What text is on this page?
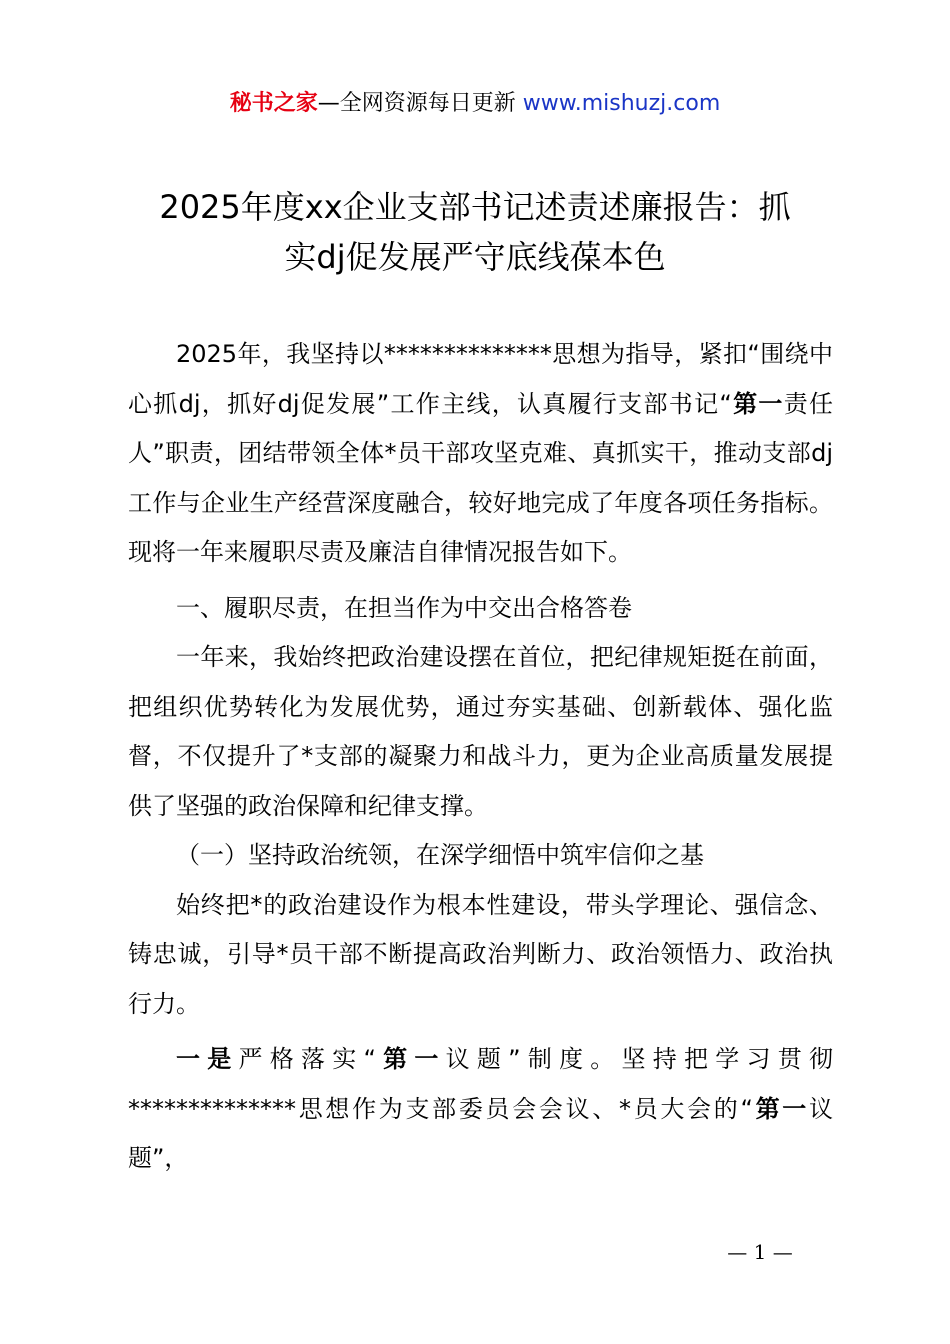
秘书之家—全网资源每日更新 www.mishuzj.com
2025年度xx企业支部书记述责述廉报告：抓
实dj促发展严守底线葆本色

2025年，我坚持以**************思想为指导，紧扣“围绕中心抓dj，抓好dj促发展”工作主线，认真履行支部书记“第一责任人”职责，团结带领全体*员干部攻坚克难、真抓实干，推动支部dj工作与企业生产经营深度融合，较好地完成了年度各项任务指标。现将一年来履职尽责及廉洁自律情况报告如下。

一、履职尽责，在担当作为中交出合格答卷

一年来，我始终把政治建设摆在首位，把纪律规矩挺在前面，把组织优势转化为发展优势，通过夯实基础、创新载体、强化监督，不仅提升了*支部的凝聚力和战斗力，更为企业高质量发展提供了坚强的政治保障和纪律支撑。

（一）坚持政治统领，在深学细悟中筑牢信仰之基

始终把*的政治建设作为根本性建设，带头学理论、强信念、铸忠诚，引导*员干部不断提高政治判断力、政治领悟力、政治执行力。

一是严格落实“第一议题”制度。坚持把学习贯彻**************思想作为支部委员会会议、*员大会的“第一议题”，

— 1 —
